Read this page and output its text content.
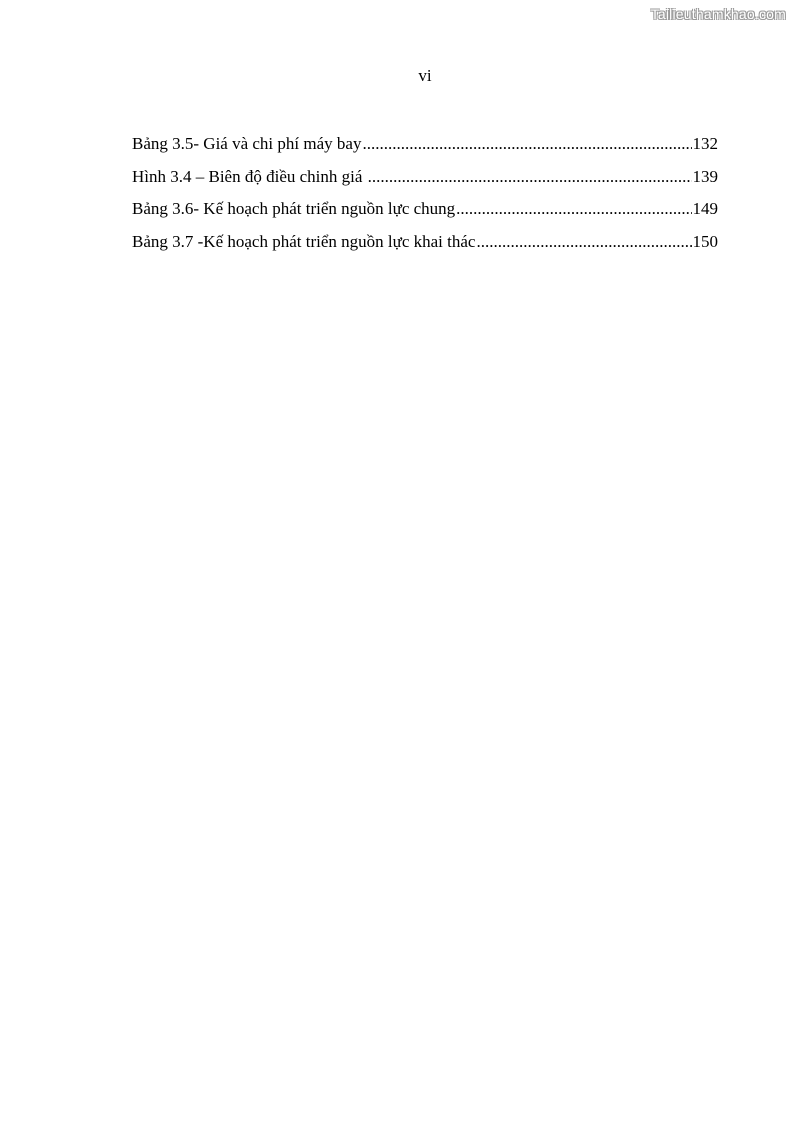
Tailieuthamkhao.com
vi
Bảng 3.5- Giá và chi phí máy bay .....	132
Hình 3.4 – Biên độ điều chinh giá .....	139
Bảng 3.6- Kế hoạch phát triển nguồn lực chung .....	149
Bảng 3.7 -Kế hoạch phát triển nguồn lực khai thác .....	150
